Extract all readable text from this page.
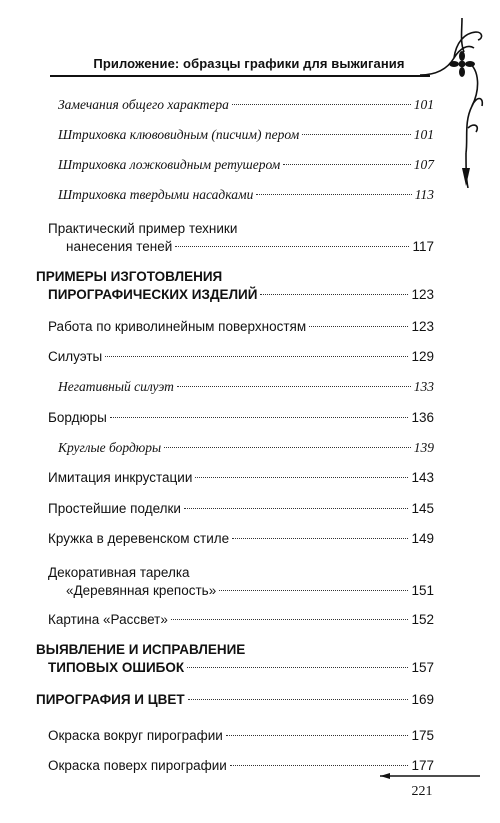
Приложение: образцы графики для выжигания
Замечания общего характера	101
Штриховка клювовидным (писчим) пером	101
Штриховка ложковидным ретушером	107
Штриховка твердыми насадками	113
Практический пример техники
нанесения теней	117
ПРИМЕРЫ ИЗГОТОВЛЕНИЯ
ПИРОГРАФИЧЕСКИХ ИЗДЕЛИЙ	123
Работа по криволинейным поверхностям	123
Силуэты	129
Негативный силуэт	133
Бордюры	136
Круглые бордюры	139
Имитация инкрустации	143
Простейшие поделки	145
Кружка в деревенском стиле	149
Декоративная тарелка
«Деревянная крепость»	151
Картина «Рассвет»	152
ВЫЯВЛЕНИЕ И ИСПРАВЛЕНИЕ
ТИПОВЫХ ОШИБОК	157
ПИРОГРАФИЯ И ЦВЕТ	169
Окраска вокруг пирографии	175
Окраска поверх пирографии	177
221
